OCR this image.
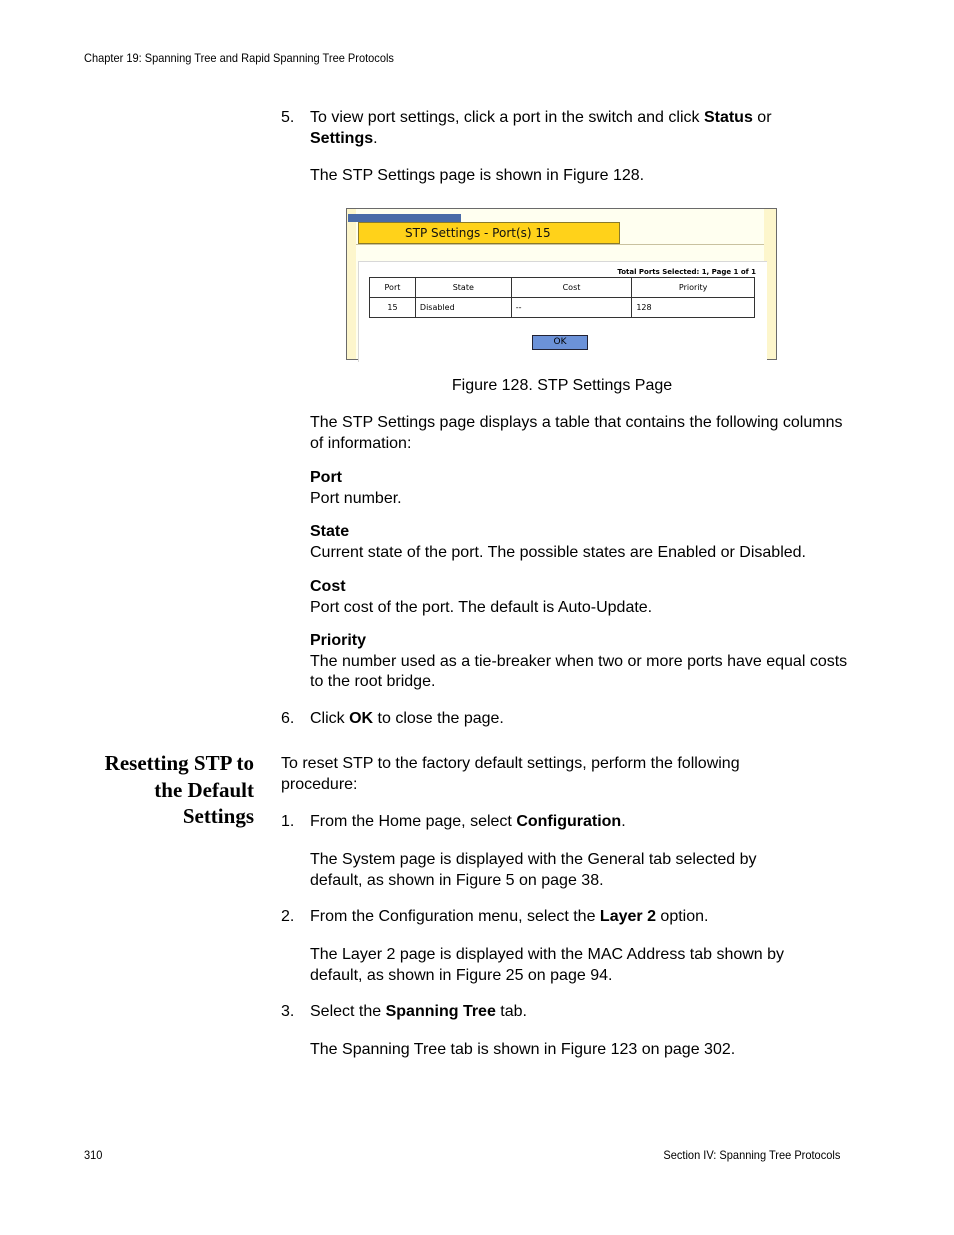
Chapter 19: Spanning Tree and Rapid Spanning Tree Protocols
5. To view port settings, click a port in the switch and click Status or
Settings.
The STP Settings page is shown in Figure 128.
STP Settings - Port(s) 15
Total Ports Selected: 1, Page 1 of 1
Port	State	Cost	Priority
15	Disabled	--	128
OK
Figure 128. STP Settings Page
The STP Settings page displays a table that contains the following columns of information:
Port
Port number.
State
Current state of the port. The possible states are Enabled or Disabled.
Cost
Port cost of the port. The default is Auto-Update.
Priority
The number used as a tie-breaker when two or more ports have equal costs to the root bridge.
6. Click OK to close the page.
Resetting STP to
the Default
Settings
To reset STP to the factory default settings, perform the following procedure:
1. From the Home page, select Configuration.
The System page is displayed with the General tab selected by default, as shown in Figure 5 on page 38.
2. From the Configuration menu, select the Layer 2 option.
The Layer 2 page is displayed with the MAC Address tab shown by default, as shown in Figure 25 on page 94.
3. Select the Spanning Tree tab.
The Spanning Tree tab is shown in Figure 123 on page 302.
310	Section IV: Spanning Tree Protocols
